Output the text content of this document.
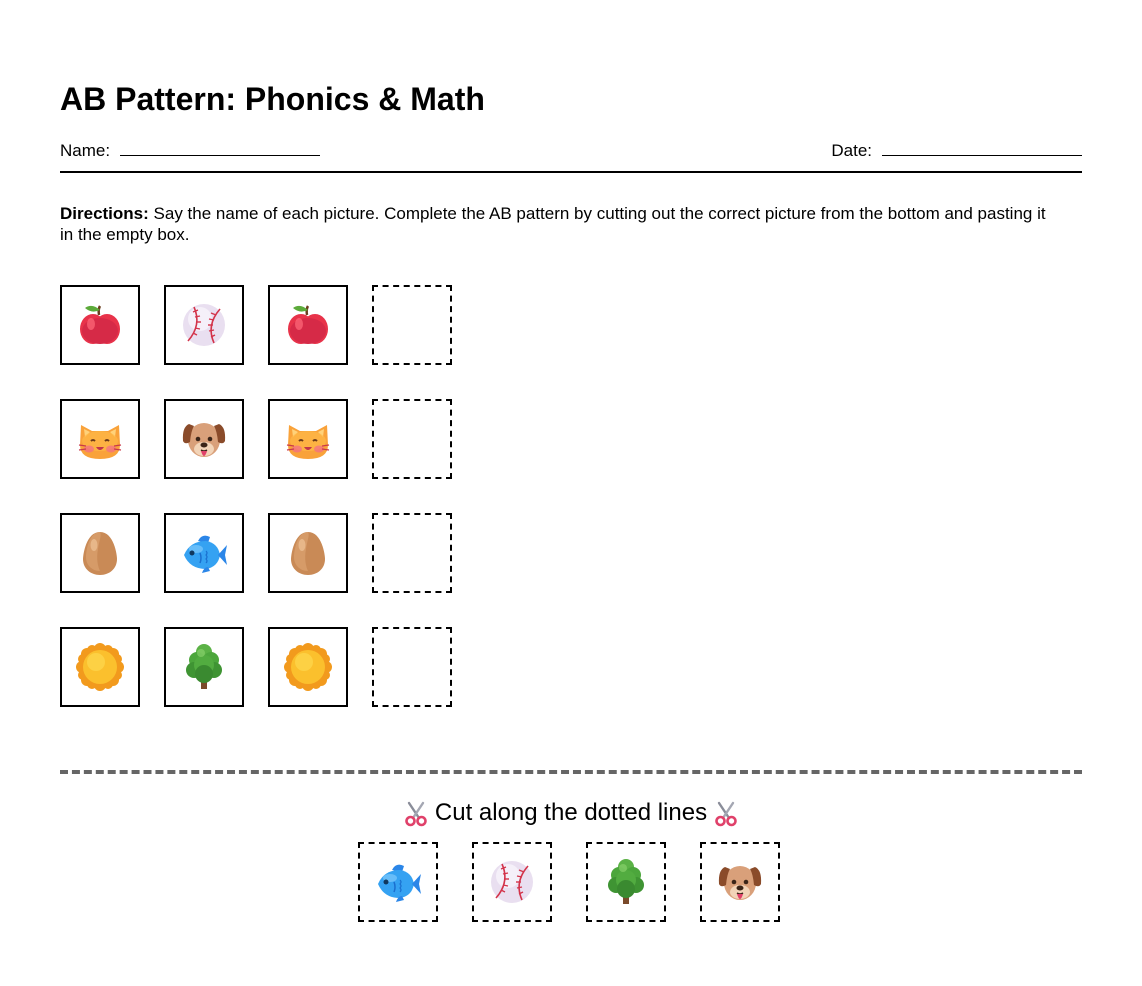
AB Pattern: Phonics & Math
Name:	Date:

Directions: Say the name of each picture. Complete the AB pattern by cutting out the correct picture from the bottom and pasting it in the empty box.

Cut along the dotted lines
